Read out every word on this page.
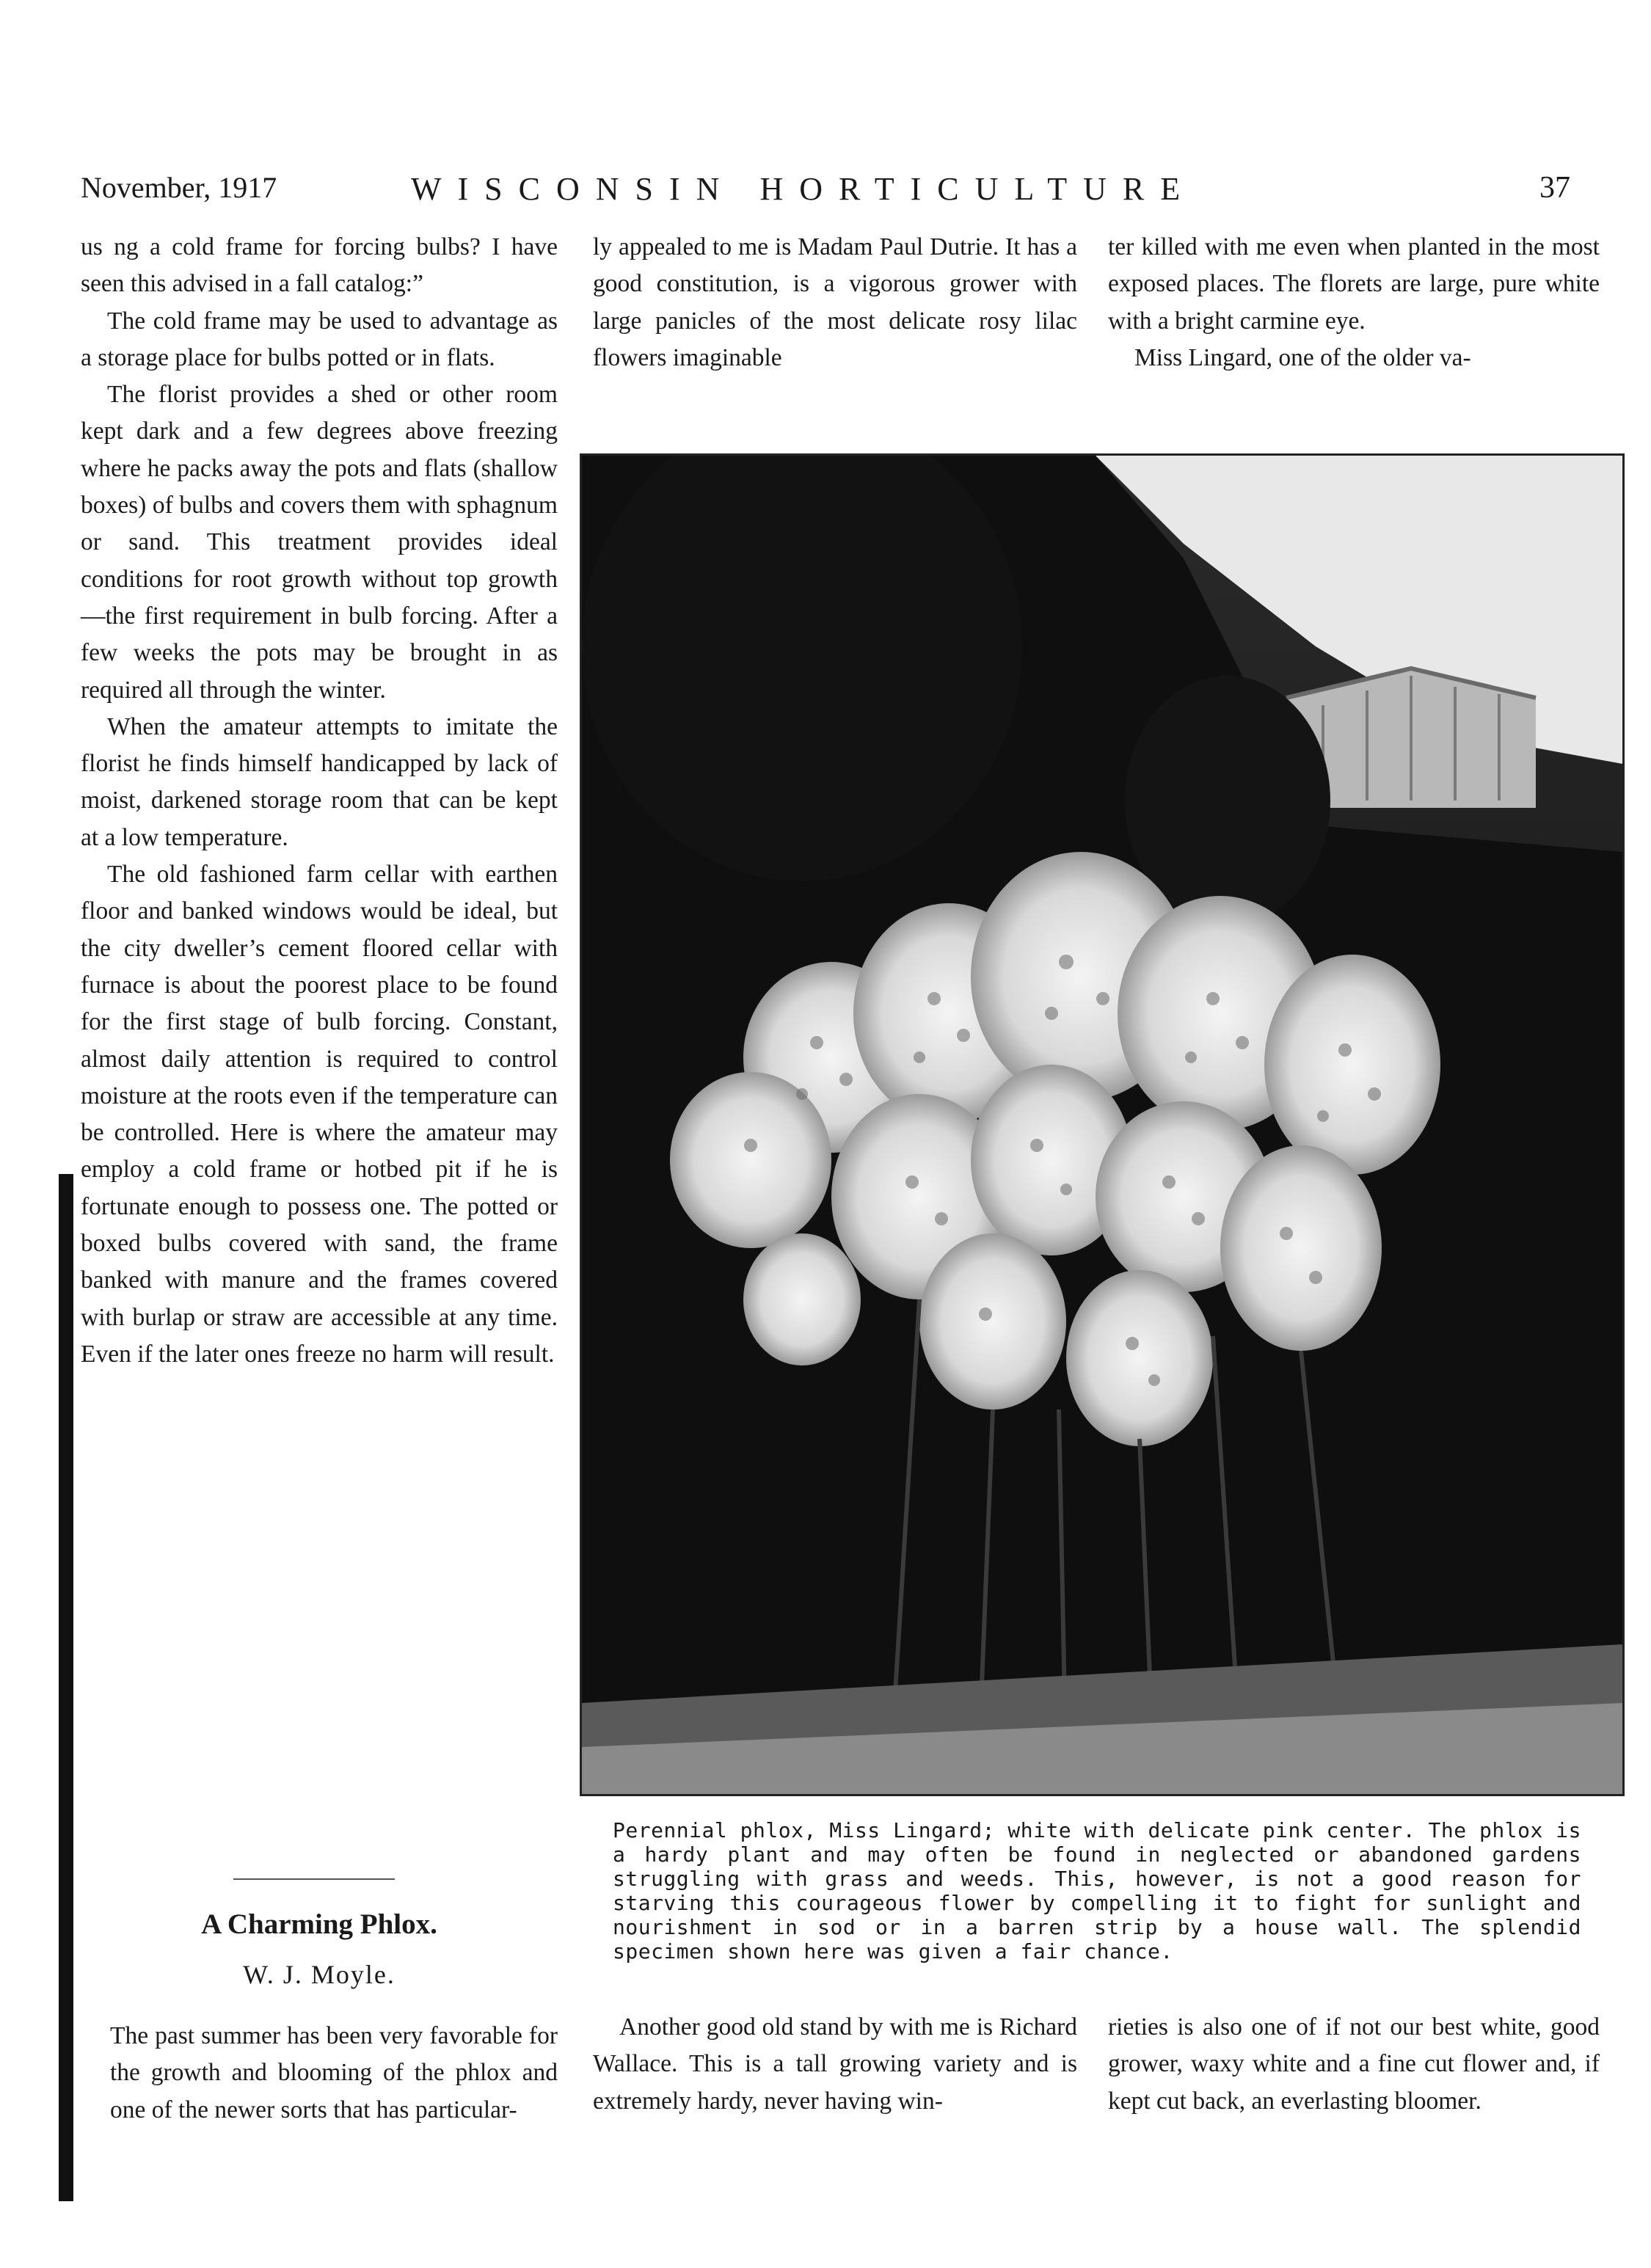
November, 1917	WISCONSIN HORTICULTURE	37

us ng a cold frame for forcing bulbs? I have seen this advised in a fall catalog:”

The cold frame may be used to advantage as a storage place for bulbs potted or in flats.

The florist provides a shed or other room kept dark and a few degrees above freezing where he packs away the pots and flats (shallow boxes) of bulbs and covers them with sphagnum or sand. This treatment provides ideal conditions for root growth without top growth—the first requirement in bulb forcing. After a few weeks the pots may be brought in as required all through the winter.

When the amateur attempts to imitate the florist he finds himself handicapped by lack of moist, darkened storage room that can be kept at a low temperature.

The old fashioned farm cellar with earthen floor and banked windows would be ideal, but the city dweller’s cement floored cellar with furnace is about the poorest place to be found for the first stage of bulb forcing. Constant, almost daily attention is required to control moisture at the roots even if the temperature can be controlled. Here is where the amateur may employ a cold frame or hotbed pit if he is fortunate enough to possess one. The potted or boxed bulbs covered with sand, the frame banked with manure and the frames covered with burlap or straw are accessible at any time. Even if the later ones freeze no harm will result.

ly appealed to me is Madam Paul Dutrie. It has a good constitution, is a vigorous grower with large panicles of the most delicate rosy lilac flowers imaginable

ter killed with me even when planted in the most exposed places. The florets are large, pure white with a bright carmine eye.

Miss Lingard, one of the older va-

Perennial phlox, Miss Lingard; white with delicate pink center. The phlox is a hardy plant and may often be found in neglected or abandoned gardens struggling with grass and weeds. This, however, is not a good reason for starving this courageous flower by compelling it to fight for sunlight and nourishment in sod or in a barren strip by a house wall. The splendid specimen shown here was given a fair chance.
A Charming Phlox.
W. J. Moyle.

The past summer has been very favorable for the growth and blooming of the phlox and one of the newer sorts that has particular-

Another good old stand by with me is Richard Wallace. This is a tall growing variety and is extremely hardy, never having win-

rieties is also one of if not our best white, good grower, waxy white and a fine cut flower and, if kept cut back, an everlasting bloomer.
